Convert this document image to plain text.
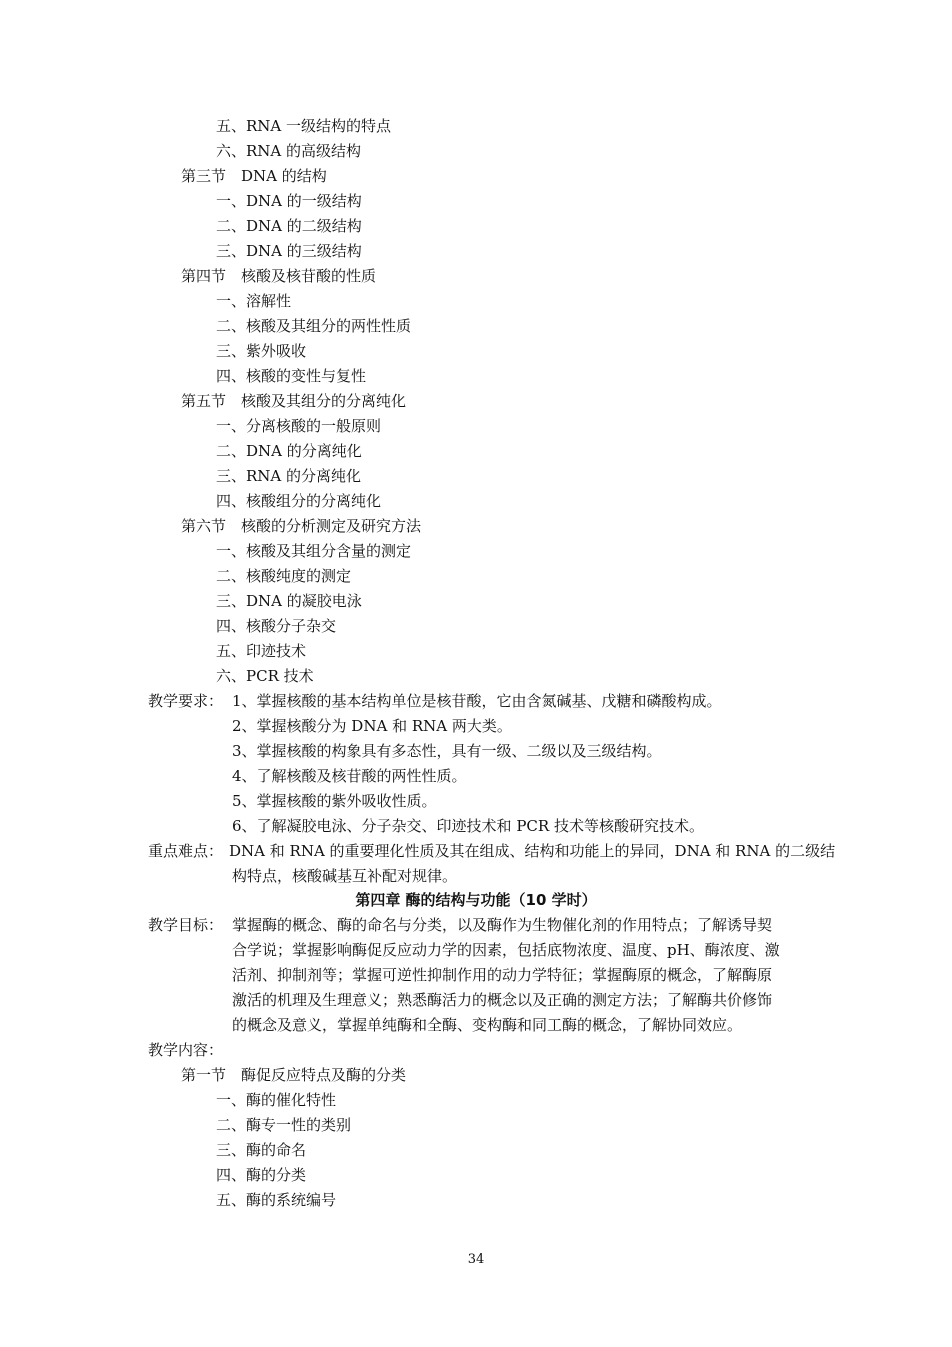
五、RNA 一级结构的特点
六、RNA 的高级结构
第三节　DNA 的结构
一、DNA 的一级结构
二、DNA 的二级结构
三、DNA 的三级结构
第四节　核酸及核苷酸的性质
一、溶解性
二、核酸及其组分的两性性质
三、紫外吸收
四、核酸的变性与复性
第五节　核酸及其组分的分离纯化
一、分离核酸的一般原则
二、DNA 的分离纯化
三、RNA 的分离纯化
四、核酸组分的分离纯化
第六节　核酸的分析测定及研究方法
一、核酸及其组分含量的测定
二、核酸纯度的测定
三、DNA 的凝胶电泳
四、核酸分子杂交
五、印迹技术
六、PCR 技术
教学要求： 1、掌握核酸的基本结构单位是核苷酸，它由含氮碱基、戊糖和磷酸构成。
2、掌握核酸分为 DNA 和 RNA 两大类。
3、掌握核酸的构象具有多态性，具有一级、二级以及三级结构。
4、了解核酸及核苷酸的两性性质。
5、掌握核酸的紫外吸收性质。
6、了解凝胶电泳、分子杂交、印迹技术和 PCR 技术等核酸研究技术。
重点难点： DNA 和 RNA 的重要理化性质及其在组成、结构和功能上的异同，DNA 和 RNA 的二级结
构特点，核酸碱基互补配对规律。
第四章 酶的结构与功能（10 学时）
教学目标： 掌握酶的概念、酶的命名与分类，以及酶作为生物催化剂的作用特点；了解诱导契
合学说；掌握影响酶促反应动力学的因素，包括底物浓度、温度、pH、酶浓度、激
活剂、抑制剂等；掌握可逆性抑制作用的动力学特征；掌握酶原的概念，了解酶原
激活的机理及生理意义；熟悉酶活力的概念以及正确的测定方法；了解酶共价修饰
的概念及意义，掌握单纯酶和全酶、变构酶和同工酶的概念，了解协同效应。
教学内容：
第一节　酶促反应特点及酶的分类
一、酶的催化特性
二、酶专一性的类别
三、酶的命名
四、酶的分类
五、酶的系统编号
34
